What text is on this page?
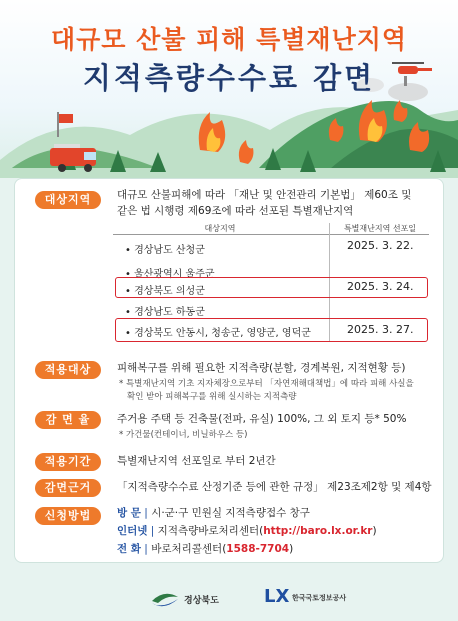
대규모 산불 피해 특별재난지역
지적측량수수료 감면
대상지역	대규모 산불피해에 따라 「재난 및 안전관리 기본법」 제60조 및
같은 법 시행령 제69조에 따라 선포된 특별재난지역
대상지역	특별재난지역 선포일
• 경상남도 산청군	2025. 3. 22.
• 울산광역시 울주군
• 경상북도 의성군	2025. 3. 24.
• 경상남도 하동군
• 경상북도 안동시, 청송군, 영양군, 영덕군	2025. 3. 27.
적용대상	피해복구를 위해 필요한 지적측량(분할, 경계복원, 지적현황 등)
* 특별재난지역 기초 지자체장으로부터 「자연재해대책법」에 따라 피해 사실을
확인 받아 피해복구를 위해 실시하는 지적측량
감 면 율	주거용 주택 등 건축물(전파, 유실) 100%, 그 외 토지 등* 50%
* 가건물(컨테이너, 비닐하우스 등)
적용기간	특별재난지역 선포일로 부터 2년간
감면근거	「지적측량수수료 산정기준 등에 관한 규정」 제23조제2항 및 제4항
신청방법	방 문 | 시·군·구 민원실 지적측량접수 창구
인터넷 | 지적측량바로처리센터(http://baro.lx.or.kr)
전 화 | 바로처리콜센터(1588-7704)
경상북도	LX 한국국토정보공사
